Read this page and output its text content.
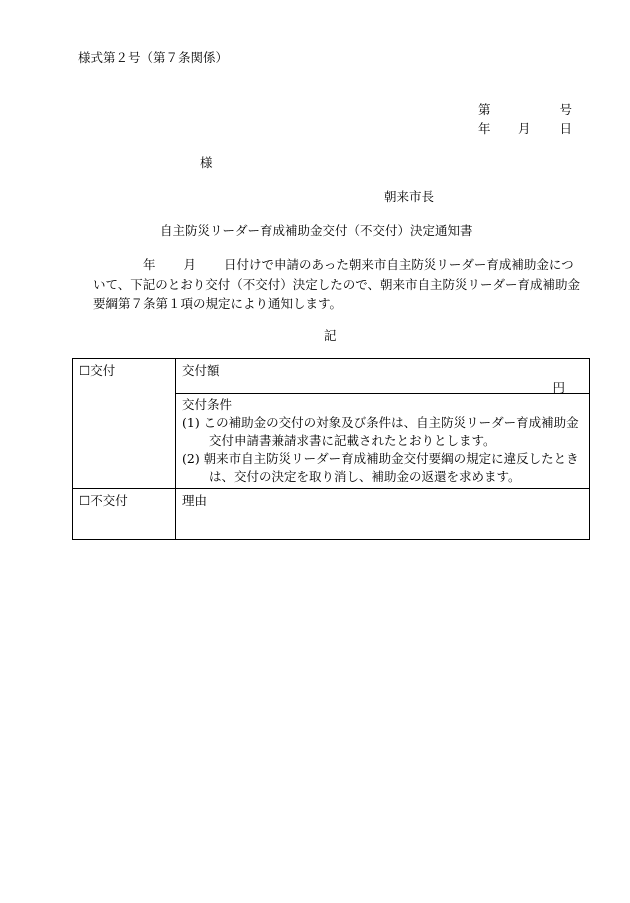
様式第２号（第７条関係）
第	号
年 月 日
様
朝来市長
自主防災リーダー育成補助金交付（不交付）決定通知書
年 月 日付けで申請のあった朝来市自主防災リーダー育成補助金について、下記のとおり交付（不交付）決定したので、朝来市自主防災リーダー育成補助金要綱第７条第１項の規定により通知します。
記
☐交付	交付額
円

	交付条件
(1) この補助金の交付の対象及び条件は、自主防災リーダー育成補助金交付申請書兼請求書に記載されたとおりとします。
(2) 朝来市自主防災リーダー育成補助金交付要綱の規定に違反したときは、交付の決定を取り消し、補助金の返還を求めます。

☐不交付	理由
